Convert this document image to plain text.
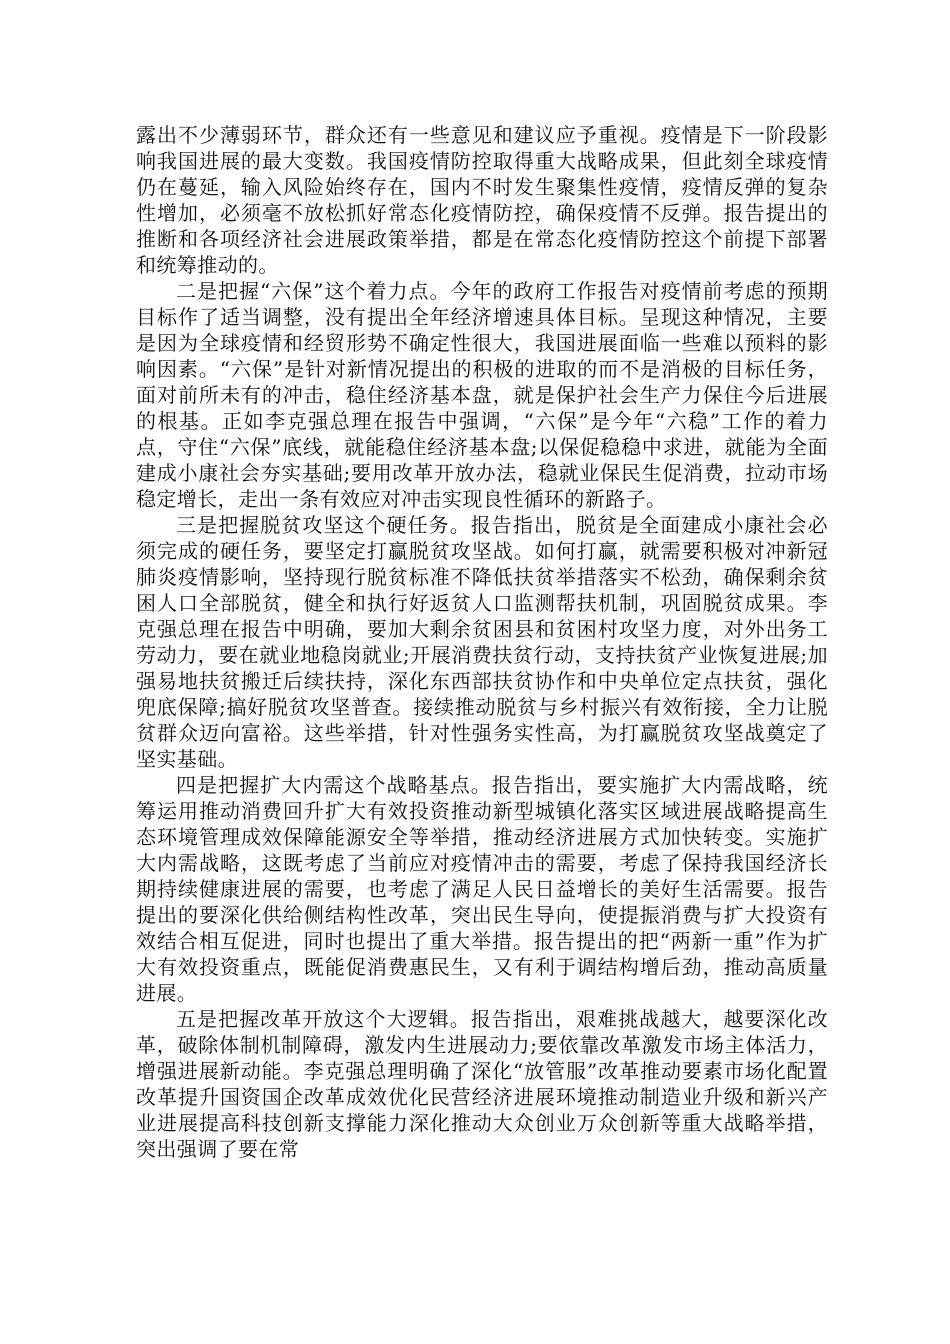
露出不少薄弱环节，群众还有一些意见和建议应予重视。疫情是下一阶段影响我国进展的最大变数。我国疫情防控取得重大战略成果，但此刻全球疫情仍在蔓延，输入风险始终存在，国内不时发生聚集性疫情，疫情反弹的复杂性增加，必须毫不放松抓好常态化疫情防控，确保疫情不反弹。报告提出的推断和各项经济社会进展政策举措，都是在常态化疫情防控这个前提下部署和统筹推动的。

二是把握“六保”这个着力点。今年的政府工作报告对疫情前考虑的预期目标作了适当调整，没有提出全年经济增速具体目标。呈现这种情况，主要是因为全球疫情和经贸形势不确定性很大，我国进展面临一些难以预料的影响因素。“六保”是针对新情况提出的积极的进取的而不是消极的目标任务，面对前所未有的冲击，稳住经济基本盘，就是保护社会生产力保住今后进展的根基。正如李克强总理在报告中强调，“六保”是今年“六稳”工作的着力点，守住“六保”底线，就能稳住经济基本盘;以保促稳稳中求进，就能为全面建成小康社会夯实基础;要用改革开放办法，稳就业保民生促消费，拉动市场稳定增长，走出一条有效应对冲击实现良性循环的新路子。

三是把握脱贫攻坚这个硬任务。报告指出，脱贫是全面建成小康社会必须完成的硬任务，要坚定打赢脱贫攻坚战。如何打赢，就需要积极对冲新冠肺炎疫情影响，坚持现行脱贫标准不降低扶贫举措落实不松劲，确保剩余贫困人口全部脱贫，健全和执行好返贫人口监测帮扶机制，巩固脱贫成果。李克强总理在报告中明确，要加大剩余贫困县和贫困村攻坚力度，对外出务工劳动力，要在就业地稳岗就业;开展消费扶贫行动，支持扶贫产业恢复进展;加强易地扶贫搬迁后续扶持，深化东西部扶贫协作和中央单位定点扶贫，强化兜底保障;搞好脱贫攻坚普查。接续推动脱贫与乡村振兴有效衔接，全力让脱贫群众迈向富裕。这些举措，针对性强务实性高，为打赢脱贫攻坚战奠定了坚实基础。

四是把握扩大内需这个战略基点。报告指出，要实施扩大内需战略，统筹运用推动消费回升扩大有效投资推动新型城镇化落实区域进展战略提高生态环境管理成效保障能源安全等举措，推动经济进展方式加快转变。实施扩大内需战略，这既考虑了当前应对疫情冲击的需要，考虑了保持我国经济长期持续健康进展的需要，也考虑了满足人民日益增长的美好生活需要。报告提出的要深化供给侧结构性改革，突出民生导向，使提振消费与扩大投资有效结合相互促进，同时也提出了重大举措。报告提出的把“两新一重”作为扩大有效投资重点，既能促消费惠民生，又有利于调结构增后劲，推动高质量进展。

五是把握改革开放这个大逻辑。报告指出，艰难挑战越大，越要深化改革，破除体制机制障碍，激发内生进展动力;要依靠改革激发市场主体活力，增强进展新动能。李克强总理明确了深化“放管服”改革推动要素市场化配置改革提升国资国企改革成效优化民营经济进展环境推动制造业升级和新兴产业进展提高科技创新支撑能力深化推动大众创业万众创新等重大战略举措，突出强调了要在常
